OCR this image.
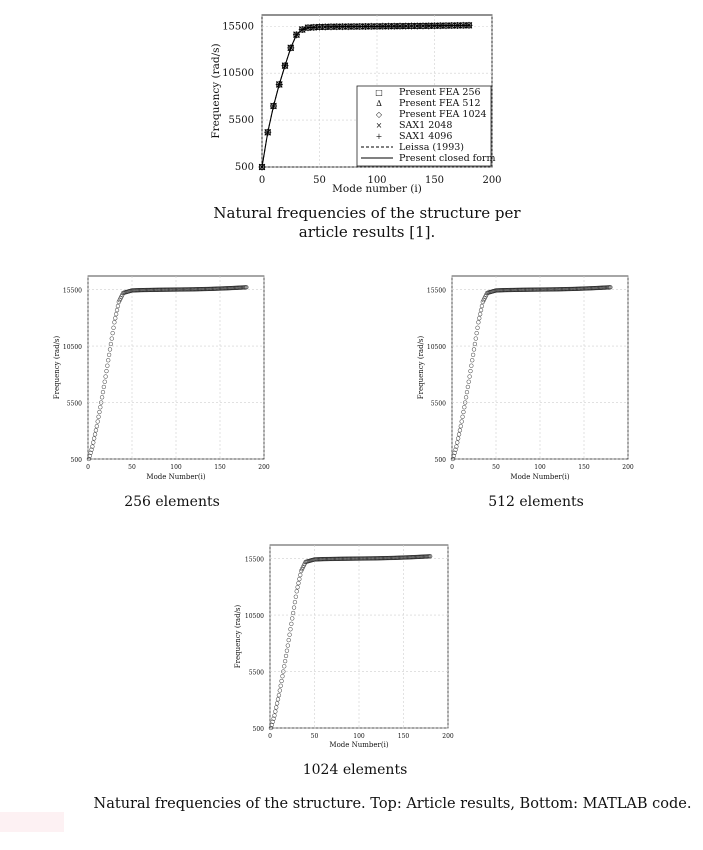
0	50	100	150	200
500
5500
10500
15500
Mode number (i)
Frequency (rad/s)	□ Present FEA 256
∆ Present FEA 512
◇ Present FEA 1024
× SAX1 2048
+ SAX1 4096
Leissa (1993)
Present closed form
0	50	100	150	200
500
5500
10500
15500
Mode Number(i)
Frequency (rad/s)
0	50	100	150	200
500
5500
10500
15500
Mode Number(i)
Frequency (rad/s)
0	50	100	150	200
500
5500
10500
15500
Mode Number(i)
Frequency (rad/s)
Natural frequencies of the structure per
article results [1].
256 elements	512 elements
1024 elements
Natural frequencies of the structure. Top: Article results, Bottom: MATLAB code.
